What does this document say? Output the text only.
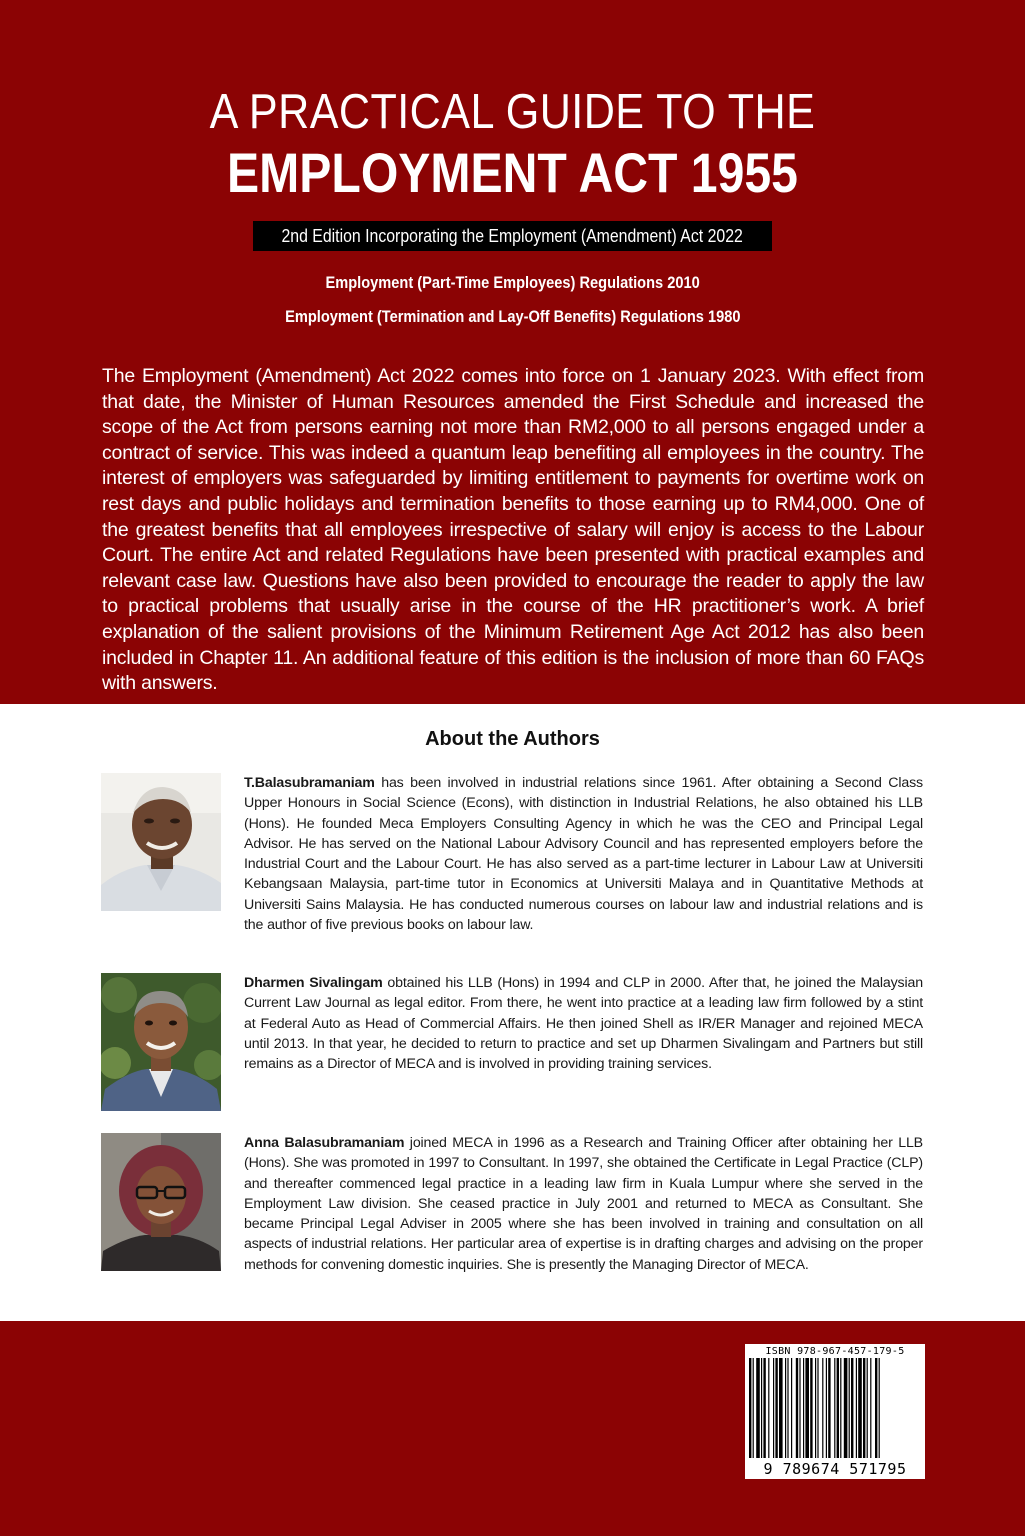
A PRACTICAL GUIDE TO THE
EMPLOYMENT ACT 1955
2nd Edition Incorporating the Employment (Amendment) Act 2022
Employment (Part-Time Employees) Regulations 2010
Employment (Termination and Lay-Off Benefits) Regulations 1980
The Employment (Amendment) Act 2022 comes into force on 1 January 2023. With effect from that date, the Minister of Human Resources amended the First Schedule and increased the scope of the Act from persons earning not more than RM2,000 to all persons engaged under a contract of service. This was indeed a quantum leap benefiting all employees in the country. The interest of employers was safeguarded by limiting entitlement to payments for overtime work on rest days and public holidays and termination benefits to those earning up to RM4,000. One of the greatest benefits that all employees irrespective of salary will enjoy is access to the Labour Court. The entire Act and related Regulations have been presented with practical examples and relevant case law. Questions have also been provided to encourage the reader to apply the law to practical problems that usually arise in the course of the HR practitioner’s work. A brief explanation of the salient provisions of the Minimum Retirement Age Act 2012 has also been included in Chapter 11. An additional feature of this edition is the inclusion of more than 60 FAQs with answers.
About the Authors
T.Balasubramaniam has been involved in industrial relations since 1961. After obtaining a Second Class Upper Honours in Social Science (Econs), with distinction in Industrial Relations, he also obtained his LLB (Hons). He founded Meca Employers Consulting Agency in which he was the CEO and Principal Legal Advisor. He has served on the National Labour Advisory Council and has represented employers before the Industrial Court and the Labour Court. He has also served as a part-time lecturer in Labour Law at Universiti Kebangsaan Malaysia, part-time tutor in Economics at Universiti Malaya and in Quantitative Methods at Universiti Sains Malaysia. He has conducted numerous courses on labour law and industrial relations and is the author of five previous books on labour law.
Dharmen Sivalingam obtained his LLB (Hons) in 1994 and CLP in 2000. After that, he joined the Malaysian Current Law Journal as legal editor. From there, he went into practice at a leading law firm followed by a stint at Federal Auto as Head of Commercial Affairs. He then joined Shell as IR/ER Manager and rejoined MECA until 2013. In that year, he decided to return to practice and set up Dharmen Sivalingam and Partners but still remains as a Director of MECA and is involved in providing training services.
Anna Balasubramaniam joined MECA in 1996 as a Research and Training Officer after obtaining her LLB (Hons). She was promoted in 1997 to Consultant. In 1997, she obtained the Certificate in Legal Practice (CLP) and thereafter commenced legal practice in a leading law firm in Kuala Lumpur where she served in the Employment Law division. She ceased practice in July 2001 and returned to MECA as Consultant. She became Principal Legal Adviser in 2005 where she has been involved in training and consultation on all aspects of industrial relations. Her particular area of expertise is in drafting charges and advising on the proper methods for convening domestic inquiries. She is presently the Managing Director of MECA.
ISBN 978-967-457-179-5
9 789674 571795
